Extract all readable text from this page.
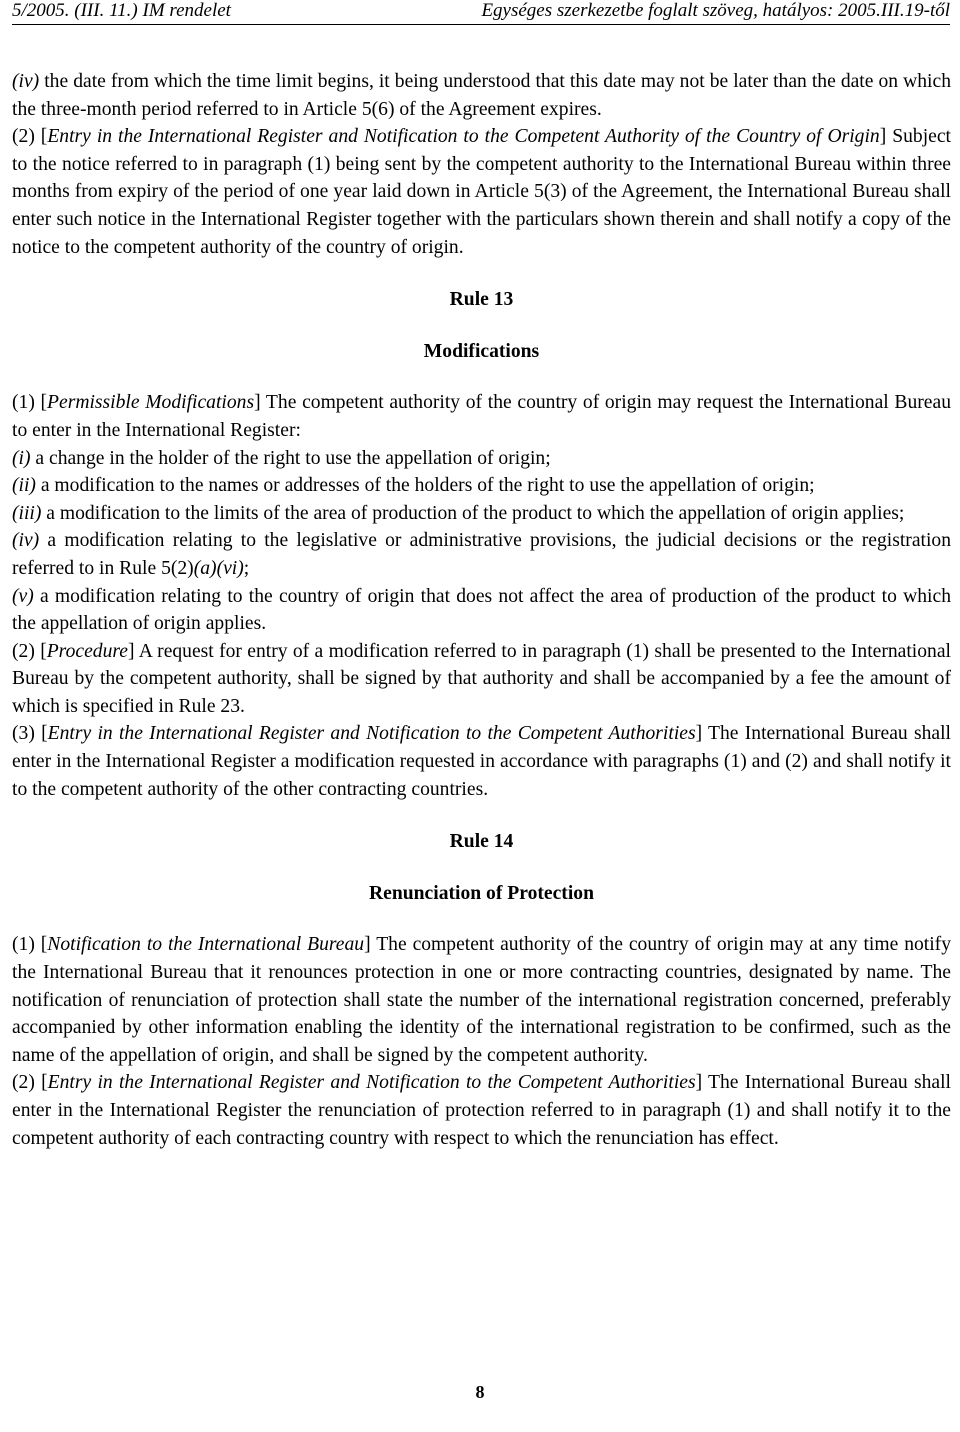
5/2005. (III. 11.) IM rendelet	Egységes szerkezetbe foglalt szöveg, hatályos: 2005.III.19-től

(iv) the date from which the time limit begins, it being understood that this date may not be later than the date on which the three-month period referred to in Article 5(6) of the Agreement expires.

(2) [Entry in the International Register and Notification to the Competent Authority of the Country of Origin] Subject to the notice referred to in paragraph (1) being sent by the competent authority to the International Bureau within three months from expiry of the period of one year laid down in Article 5(3) of the Agreement, the International Bureau shall enter such notice in the International Register together with the particulars shown therein and shall notify a copy of the notice to the competent authority of the country of origin.

Rule 13

Modifications

(1) [Permissible Modifications] The competent authority of the country of origin may request the International Bureau to enter in the International Register:

(i) a change in the holder of the right to use the appellation of origin;

(ii) a modification to the names or addresses of the holders of the right to use the appellation of origin;

(iii) a modification to the limits of the area of production of the product to which the appellation of origin applies;

(iv) a modification relating to the legislative or administrative provisions, the judicial decisions or the registration referred to in Rule 5(2)(a)(vi);

(v) a modification relating to the country of origin that does not affect the area of production of the product to which the appellation of origin applies.

(2) [Procedure] A request for entry of a modification referred to in paragraph (1) shall be presented to the International Bureau by the competent authority, shall be signed by that authority and shall be accompanied by a fee the amount of which is specified in Rule 23.

(3) [Entry in the International Register and Notification to the Competent Authorities] The International Bureau shall enter in the International Register a modification requested in accordance with paragraphs (1) and (2) and shall notify it to the competent authority of the other contracting countries.

Rule 14

Renunciation of Protection

(1) [Notification to the International Bureau] The competent authority of the country of origin may at any time notify the International Bureau that it renounces protection in one or more contracting countries, designated by name. The notification of renunciation of protection shall state the number of the international registration concerned, preferably accompanied by other information enabling the identity of the international registration to be confirmed, such as the name of the appellation of origin, and shall be signed by the competent authority.

(2) [Entry in the International Register and Notification to the Competent Authorities] The International Bureau shall enter in the International Register the renunciation of protection referred to in paragraph (1) and shall notify it to the competent authority of each contracting country with respect to which the renunciation has effect.

8
